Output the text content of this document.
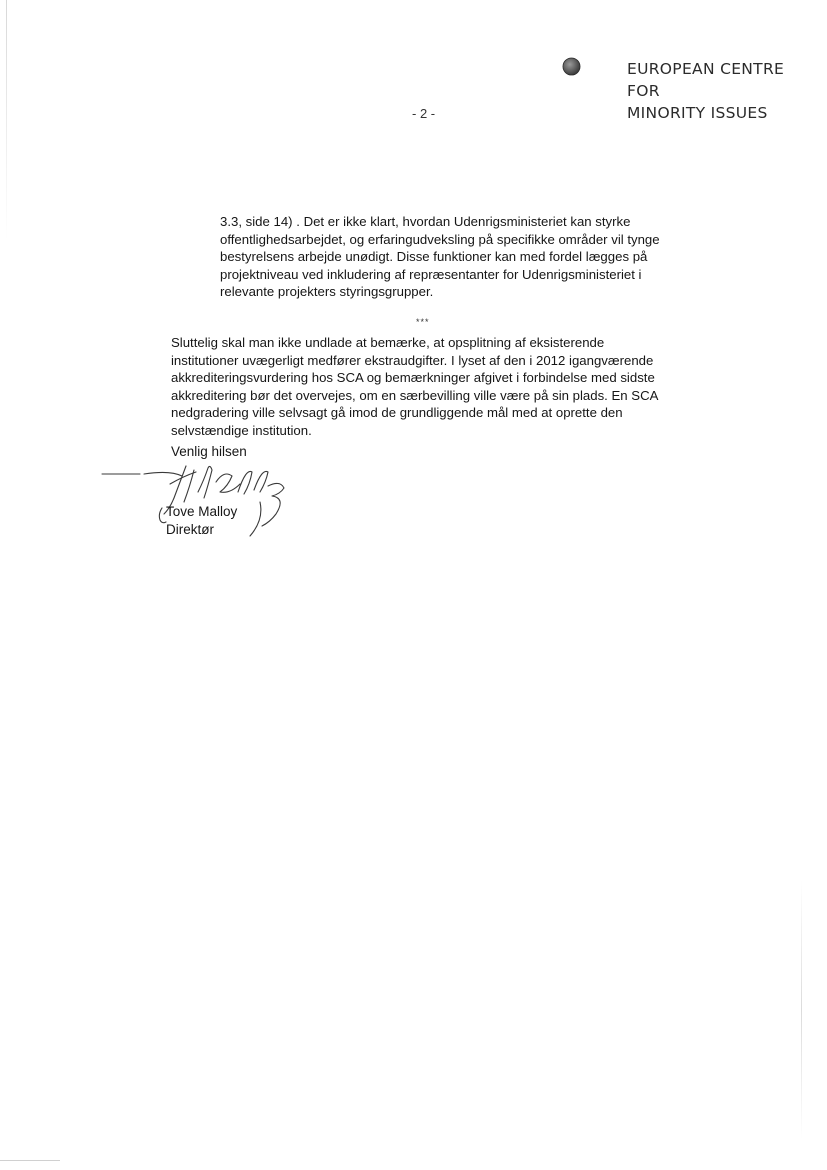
EUROPEAN CENTRE
FOR
MINORITY ISSUES
- 2 -
3.3, side 14) . Det er ikke klart, hvordan Udenrigsministeriet kan styrke
offentlighedsarbejdet, og erfaringudveksling på specifikke områder vil tynge
bestyrelsens arbejde unødigt. Disse funktioner kan med fordel lægges på
projektniveau ved inkludering af repræsentanter for Udenrigsministeriet i
relevante projekters styringsgrupper.
***
Sluttelig skal man ikke undlade at bemærke, at opsplitning af eksisterende
institutioner uvægerligt medfører ekstraudgifter. I lyset af den i 2012 igangværende
akkrediteringsvurdering hos SCA og bemærkninger afgivet i forbindelse med sidste
akkreditering bør det overvejes, om en særbevilling ville være på sin plads. En SCA
nedgradering ville selvsagt gå imod de grundliggende mål med at oprette den
selvstændige institution.
Venlig hilsen
Tove Malloy
Direktør
